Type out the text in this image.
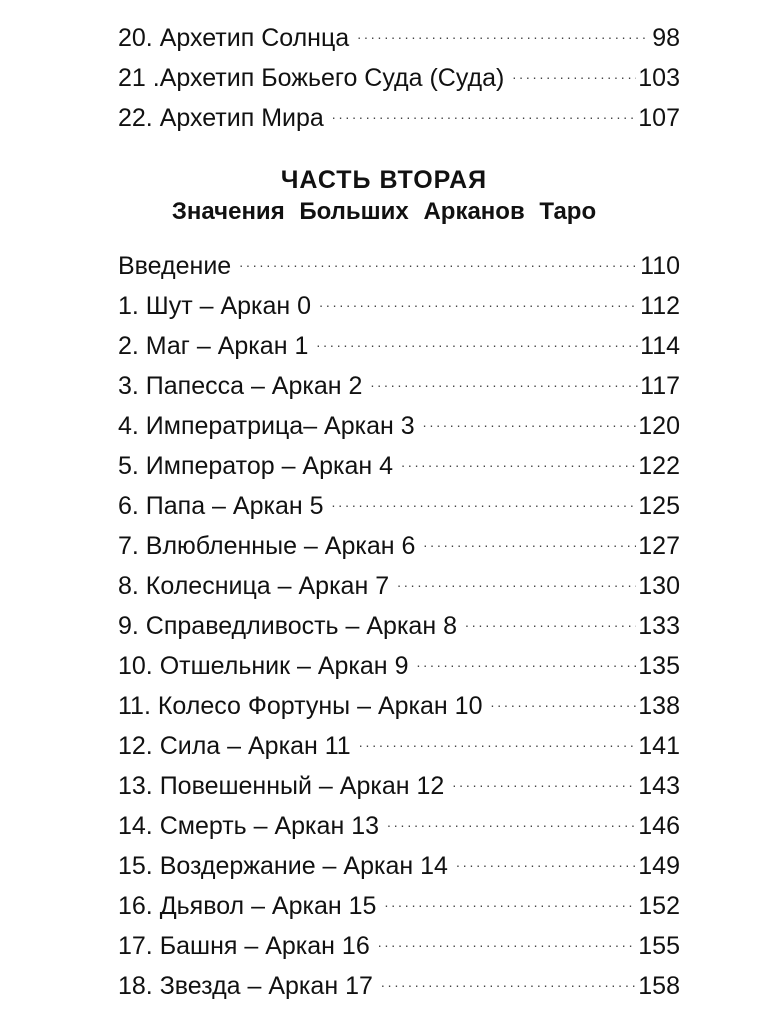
20. Архетип Солнца . . .	98
21 .Архетип Божьего Суда (Суда) . . .	103
22. Архетип Мира . . .	107
ЧАСТЬ ВТОРАЯ
Значения Больших Арканов Таро
Введение . . .	110
1. Шут – Аркан 0 . . .	112
2. Маг – Аркан 1 . . .	114
3. Папесса – Аркан 2 . . .	117
4. Императрица– Аркан 3 . . .	120
5. Император – Аркан 4 . . .	122
6. Папа – Аркан 5 . . .	125
7. Влюбленные – Аркан 6 . . .	127
8. Колесница – Аркан 7 . . .	130
9. Справедливость – Аркан 8 . . .	133
10. Отшельник – Аркан 9 . . .	135
11. Колесо Фортуны – Аркан 10 . . .	138
12. Сила – Аркан 11 . . .	141
13. Повешенный – Аркан 12 . . .	143
14. Смерть – Аркан 13 . . .	146
15. Воздержание – Аркан 14 . . .	149
16. Дьявол – Аркан 15 . . .	152
17. Башня – Аркан 16 . . .	155
18. Звезда – Аркан 17 . . .	158
